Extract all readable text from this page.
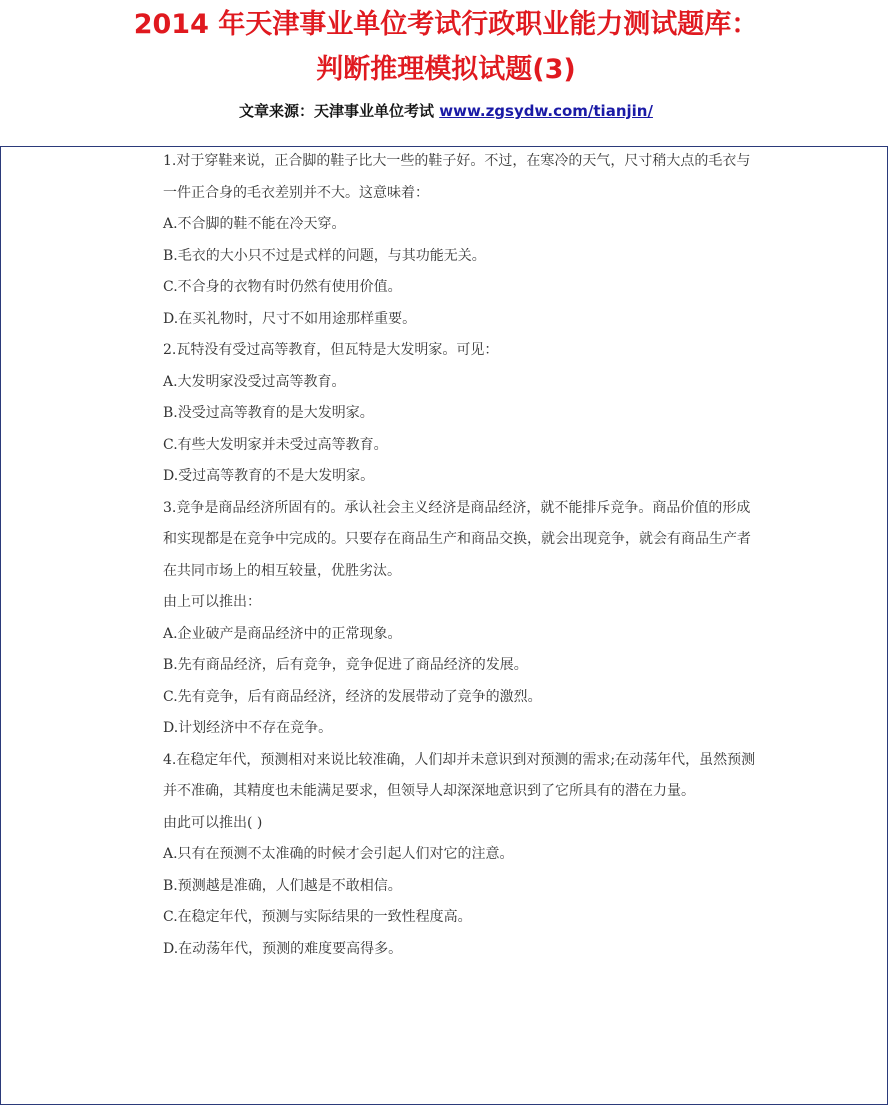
2014 年天津事业单位考试行政职业能力测试题库：
判断推理模拟试题(3)
文章来源：天津事业单位考试 www.zgsydw.com/tianjin/

1.对于穿鞋来说，正合脚的鞋子比大一些的鞋子好。不过，在寒冷的天气，尺寸稍大点的毛衣与一件正合身的毛衣差别并不大。这意味着：

A.不合脚的鞋不能在冷天穿。

B.毛衣的大小只不过是式样的问题，与其功能无关。

C.不合身的衣物有时仍然有使用价值。

D.在买礼物时，尺寸不如用途那样重要。

2.瓦特没有受过高等教育，但瓦特是大发明家。可见：

A.大发明家没受过高等教育。

B.没受过高等教育的是大发明家。

C.有些大发明家并未受过高等教育。

D.受过高等教育的不是大发明家。

3.竞争是商品经济所固有的。承认社会主义经济是商品经济，就不能排斥竞争。商品价值的形成和实现都是在竞争中完成的。只要存在商品生产和商品交换，就会出现竞争，就会有商品生产者在共同市场上的相互较量，优胜劣汰。

由上可以推出：

A.企业破产是商品经济中的正常现象。

B.先有商品经济，后有竞争，竞争促进了商品经济的发展。

C.先有竞争，后有商品经济，经济的发展带动了竞争的激烈。

D.计划经济中不存在竞争。

4.在稳定年代，预测相对来说比较准确，人们却并未意识到对预测的需求;在动荡年代，虽然预测并不准确，其精度也未能满足要求，但领导人却深深地意识到了它所具有的潜在力量。

由此可以推出( )

A.只有在预测不太准确的时候才会引起人们对它的注意。

B.预测越是准确，人们越是不敢相信。

C.在稳定年代，预测与实际结果的一致性程度高。

D.在动荡年代，预测的难度要高得多。
